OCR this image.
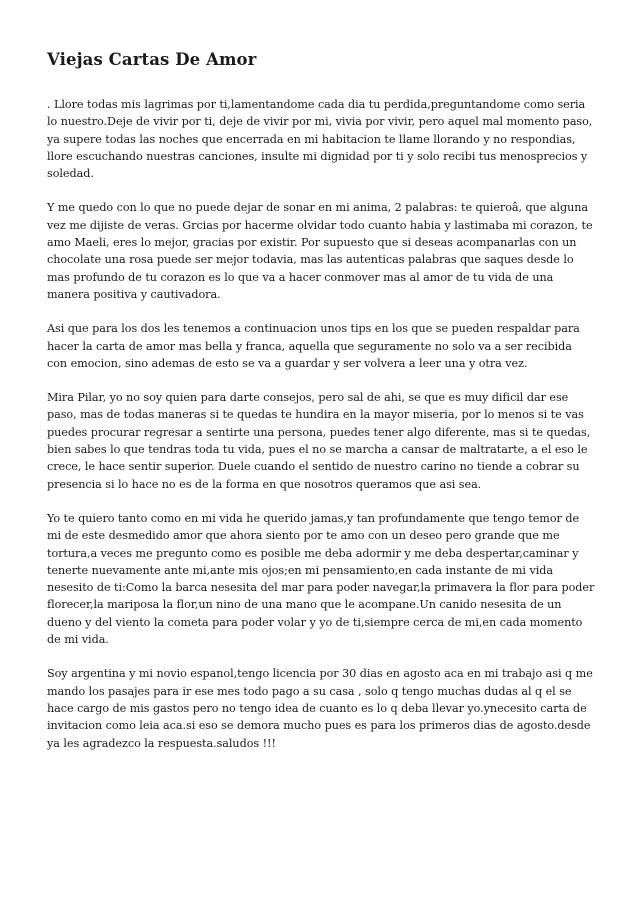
Viejas Cartas De Amor

. Llore todas mis lagrimas por ti,lamentandome cada dia tu perdida,preguntandome como seria lo nuestro.Deje de vivir por ti, deje de vivir por mi, vivia por vivir, pero aquel mal momento paso, ya supere todas las noches que encerrada en mi habitacion te llame llorando y no respondias, llore escuchando nuestras canciones, insulte mi dignidad por ti y solo recibi tus menosprecios y soledad.

Y me quedo con lo que no puede dejar de sonar en mi anima, 2 palabras: te quieroâ, que alguna vez me dijiste de veras. Grcias por hacerme olvidar todo cuanto habia y lastimaba mi corazon, te amo Maeli, eres lo mejor, gracias por existir. Por supuesto que si deseas acompanarlas con un chocolate una rosa puede ser mejor todavia, mas las autenticas palabras que saques desde lo mas profundo de tu corazon es lo que va a hacer conmover mas al amor de tu vida de una manera positiva y cautivadora.

Asi que para los dos les tenemos a continuacion unos tips en los que se pueden respaldar para hacer la carta de amor mas bella y franca, aquella que seguramente no solo va a ser recibida con emocion, sino ademas de esto se va a guardar y ser volvera a leer una y otra vez.

Mira Pilar, yo no soy quien para darte consejos, pero sal de ahi, se que es muy dificil dar ese paso, mas de todas maneras si te quedas te hundira en la mayor miseria, por lo menos si te vas puedes procurar regresar a sentirte una persona, puedes tener algo diferente, mas si te quedas, bien sabes lo que tendras toda tu vida, pues el no se marcha a cansar de maltratarte, a el eso le crece, le hace sentir superior. Duele cuando el sentido de nuestro carino no tiende a cobrar su presencia si lo hace no es de la forma en que nosotros queramos que asi sea.

Yo te quiero tanto como en mi vida he querido jamas,y tan profundamente que tengo temor de mi de este desmedido amor que ahora siento por te amo con un deseo pero grande que me tortura,a veces me pregunto como es posible me deba adormir y me deba despertar,caminar y tenerte nuevamente ante mi,ante mis ojos;en mi pensamiento,en cada instante de mi vida nesesito de ti:Como la barca nesesita del mar para poder navegar,la primavera la flor para poder florecer,la mariposa la flor,un nino de una mano que le acompane.Un canido nesesita de un dueno y del viento la cometa para poder volar y yo de ti,siempre cerca de mi,en cada momento de mi vida.

Soy argentina y mi novio espanol,tengo licencia por 30 dias en agosto aca en mi trabajo asi q me mando los pasajes para ir ese mes todo pago a su casa , solo q tengo muchas dudas al q el se hace cargo de mis gastos pero no tengo idea de cuanto es lo q deba llevar yo.ynecesito carta de invitacion como leia aca.si eso se demora mucho pues es para los primeros dias de agosto.desde ya les agradezco la respuesta.saludos !!!
